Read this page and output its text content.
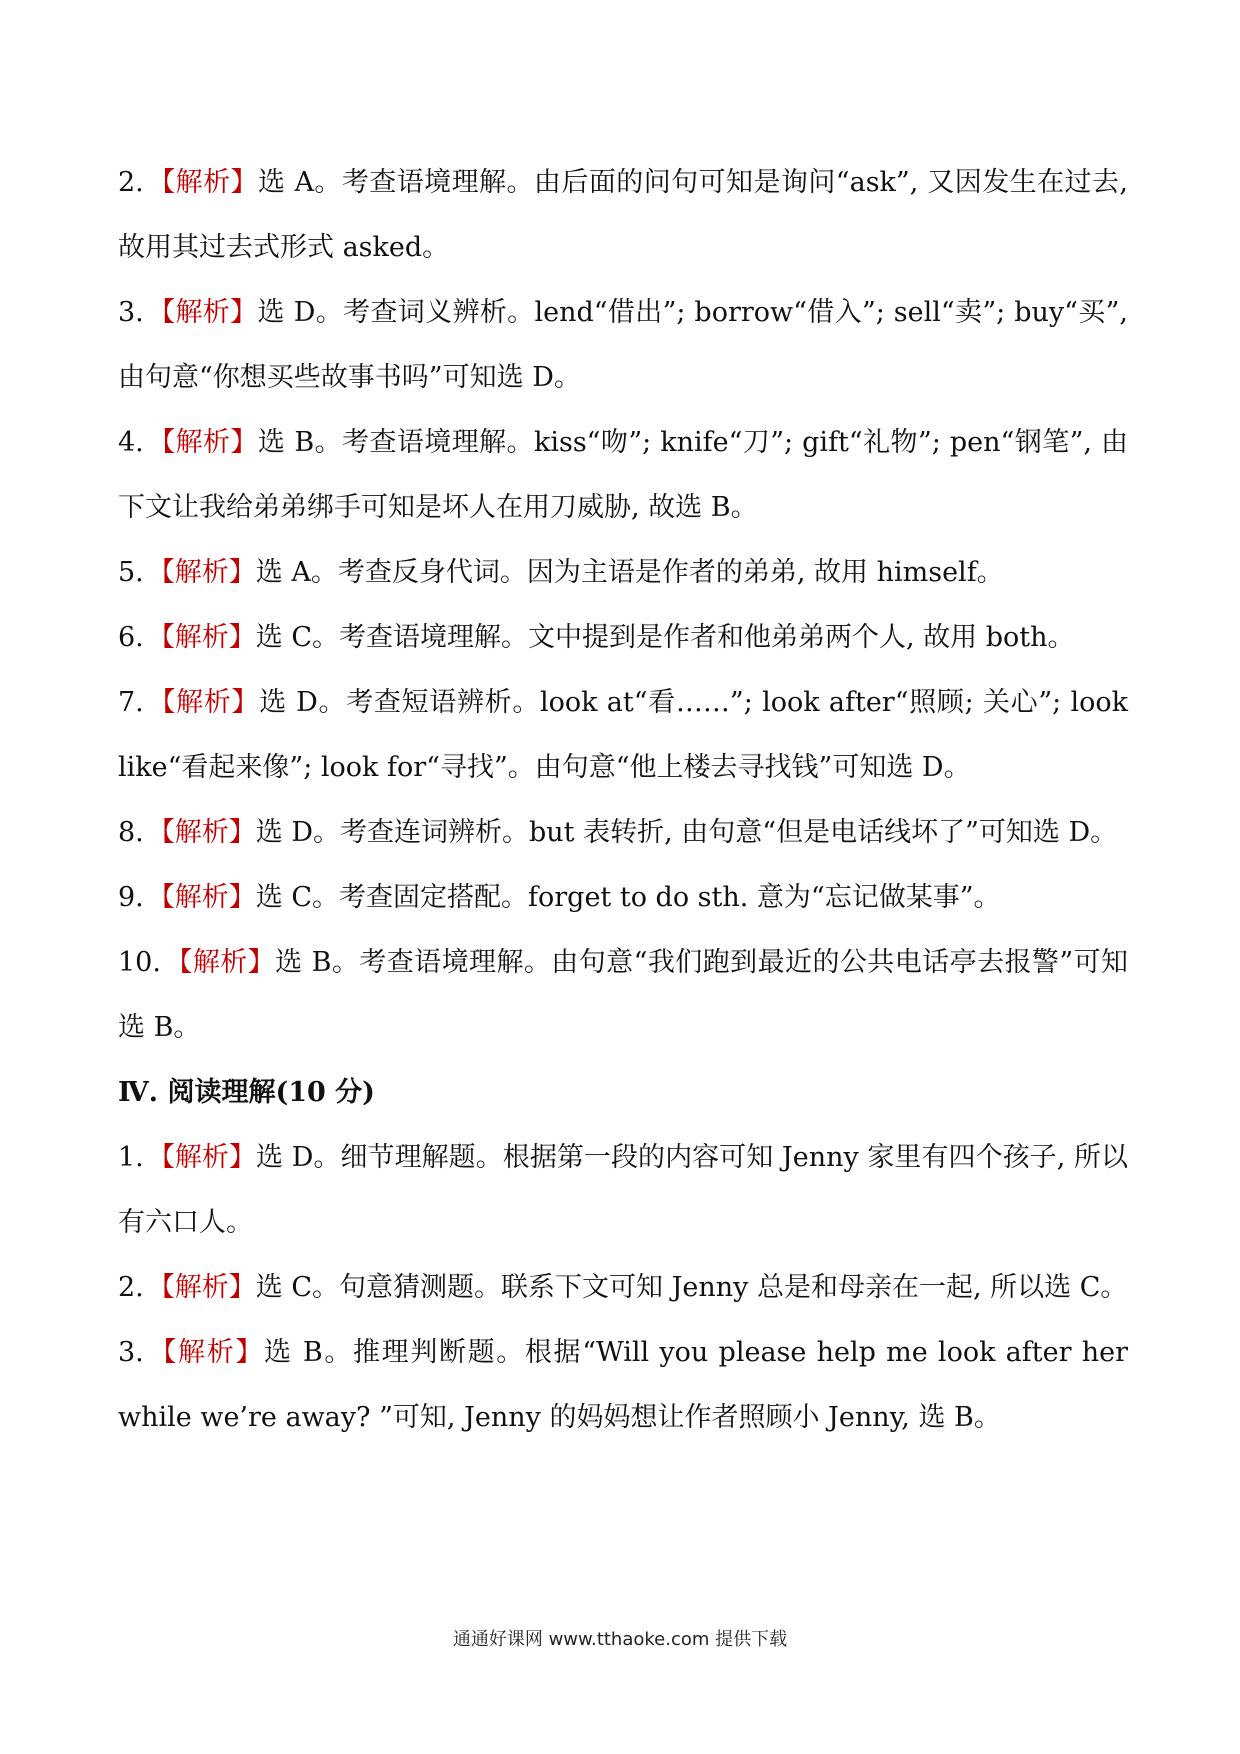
2. 【解析】选 A。考查语境理解。由后面的问句可知是询问“ask”, 又因发生在过去, 故用其过去式形式 asked。

3. 【解析】选 D。考查词义辨析。lend“借出”; borrow“借入”; sell“卖”; buy“买”, 由句意“你想买些故事书吗”可知选 D。

4. 【解析】选 B。考查语境理解。kiss“吻”; knife“刀”; gift“礼物”; pen“钢笔”, 由下文让我给弟弟绑手可知是坏人在用刀威胁, 故选 B。

5. 【解析】选 A。考查反身代词。因为主语是作者的弟弟, 故用 himself。

6. 【解析】选 C。考查语境理解。文中提到是作者和他弟弟两个人, 故用 both。

7. 【解析】选 D。考查短语辨析。look at“看……”; look after“照顾; 关心”; look like“看起来像”; look for“寻找”。由句意“他上楼去寻找钱”可知选 D。

8. 【解析】选 D。考查连词辨析。but 表转折, 由句意“但是电话线坏了”可知选 D。

9. 【解析】选 C。考查固定搭配。forget to do sth. 意为“忘记做某事”。

10. 【解析】选 B。考查语境理解。由句意“我们跑到最近的公共电话亭去报警”可知选 B。

Ⅳ. 阅读理解(10 分)

1. 【解析】选 D。细节理解题。根据第一段的内容可知 Jenny 家里有四个孩子, 所以有六口人。

2. 【解析】选 C。句意猜测题。联系下文可知 Jenny 总是和母亲在一起, 所以选 C。

3. 【解析】选 B。推理判断题。根据“Will you please help me look after her while we’re away? ”可知, Jenny 的妈妈想让作者照顾小 Jenny, 选 B。

通通好课网 www.tthaoke.com 提供下载
